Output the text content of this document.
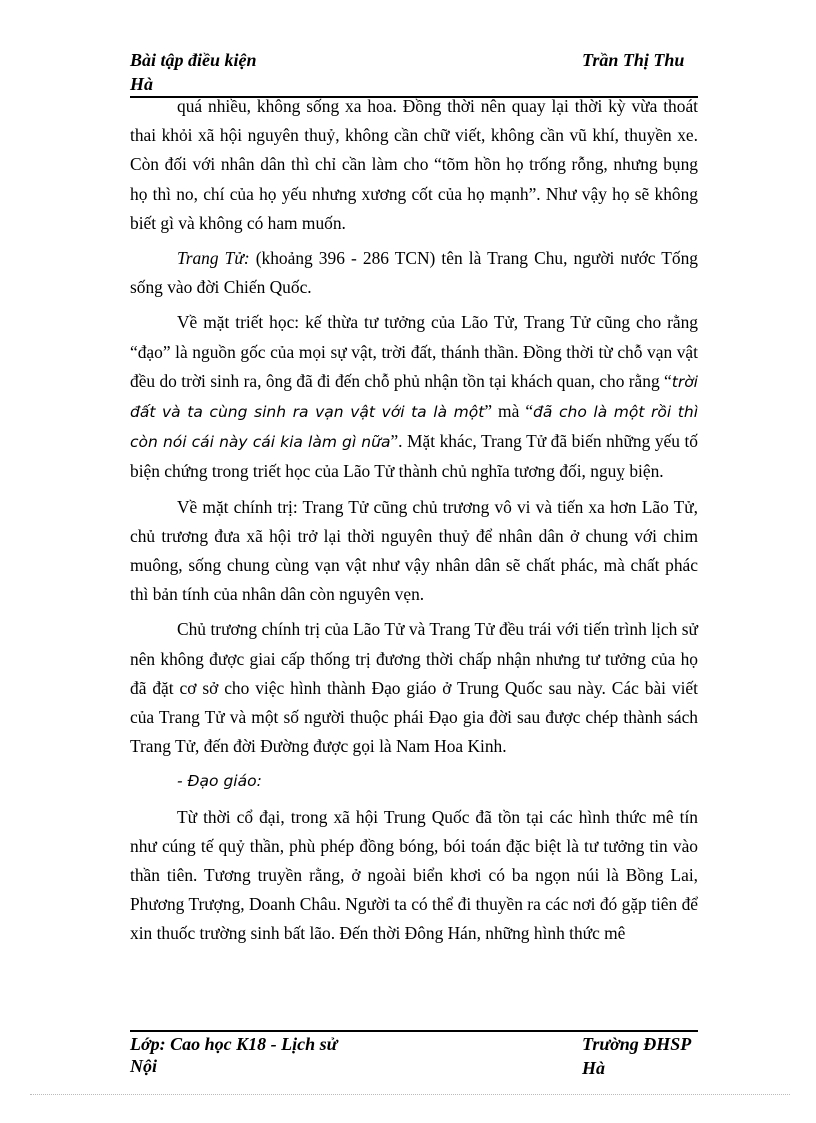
Bài tập điều kiện	Trần Thị Thu
Hà

quá nhiều, không sống xa hoa. Đồng thời nên quay lại thời kỳ vừa thoát thai khỏi xã hội nguyên thuỷ, không cần chữ viết, không cần vũ khí, thuyền xe. Còn đối với nhân dân thì chỉ cần làm cho “tõm hồn họ trống rỗng, nhưng bụng họ thì no, chí của họ yếu nhưng xương cốt của họ mạnh”. Như vậy họ sẽ không biết gì và không có ham muốn.

Trang Tử: (khoảng 396 - 286 TCN) tên là Trang Chu, người nước Tống sống vào đời Chiến Quốc.

Về mặt triết học: kế thừa tư tưởng của Lão Tử, Trang Tử cũng cho rằng “đạo” là nguồn gốc của mọi sự vật, trời đất, thánh thần. Đồng thời từ chỗ vạn vật đều do trời sinh ra, ông đã đi đến chỗ phủ nhận tồn tại khách quan, cho rằng “trời đất và ta cùng sinh ra vạn vật với ta là một” mà “đã cho là một rồi thì còn nói cái này cái kia làm gì nữa”. Mặt khác, Trang Tử đã biến những yếu tố biện chứng trong triết học của Lão Tử thành chủ nghĩa tương đối, nguỵ biện.

Về mặt chính trị: Trang Tử cũng chủ trương vô vi và tiến xa hơn Lão Tử, chủ trương đưa xã hội trở lại thời nguyên thuỷ để nhân dân ở chung với chim muông, sống chung cùng vạn vật như vậy nhân dân sẽ chất phác, mà chất phác thì bản tính của nhân dân còn nguyên vẹn.

Chủ trương chính trị của Lão Tử và Trang Tử đều trái với tiến trình lịch sử nên không được giai cấp thống trị đương thời chấp nhận nhưng tư tưởng của họ đã đặt cơ sở cho việc hình thành Đạo giáo ở Trung Quốc sau này. Các bài viết của Trang Tử và một số người thuộc phái Đạo gia đời sau được chép thành sách Trang Tử, đến đời Đường được gọi là Nam Hoa Kinh.

- Đạo giáo:

Từ thời cổ đại, trong xã hội Trung Quốc đã tồn tại các hình thức mê tín như cúng tế quỷ thần, phù phép đồng bóng, bói toán đặc biệt là tư tưởng tin vào thần tiên. Tương truyền rằng, ở ngoài biển khơi có ba ngọn núi là Bồng Lai, Phương Trượng, Doanh Châu. Người ta có thể đi thuyền ra các nơi đó gặp tiên để xin thuốc trường sinh bất lão. Đến thời Đông Hán, những hình thức mê

Lớp: Cao học K18 - Lịch sử	Trường ĐHSP Hà
Nội
